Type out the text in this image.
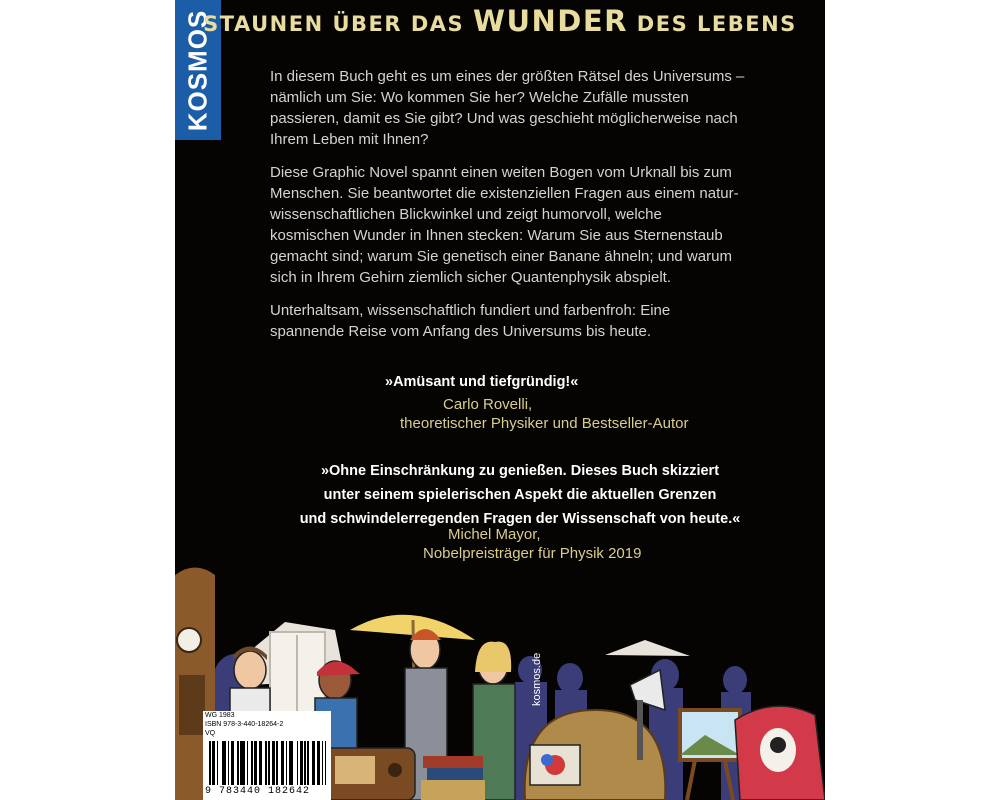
KOSMOS
STAUNEN ÜBER DAS WUNDER DES LEBENS

In diesem Buch geht es um eines der größten Rätsel des Universums – nämlich um Sie: Wo kommen Sie her? Welche Zufälle mussten passieren, damit es Sie gibt? Und was geschieht möglicherweise nach Ihrem Leben mit Ihnen?

Diese Graphic Novel spannt einen weiten Bogen vom Urknall bis zum Menschen. Sie beantwortet die existenziellen Fragen aus einem natur-wissenschaftlichen Blickwinkel und zeigt humorvoll, welche kosmischen Wunder in Ihnen stecken: Warum Sie aus Sternenstaub gemacht sind; warum Sie genetisch einer Banane ähneln; und warum sich in Ihrem Gehirn ziemlich sicher Quantenphysik abspielt.

Unterhaltsam, wissenschaftlich fundiert und farbenfroh: Eine spannende Reise vom Anfang des Universums bis heute.

»Amüsant und tiefgründig!«
Carlo Rovelli,
theoretischer Physiker und Bestseller-Autor
»Ohne Einschränkung zu genießen. Dieses Buch skizziert
unter seinem spielerischen Aspekt die aktuellen Grenzen
und schwindelerregenden Fragen der Wissenschaft von heute.«
Michel Mayor,
Nobelpreisträger für Physik 2019
kosmos.de
WG 1983
ISBN 978-3-440-18264-2
VQ
9 783440 182642
